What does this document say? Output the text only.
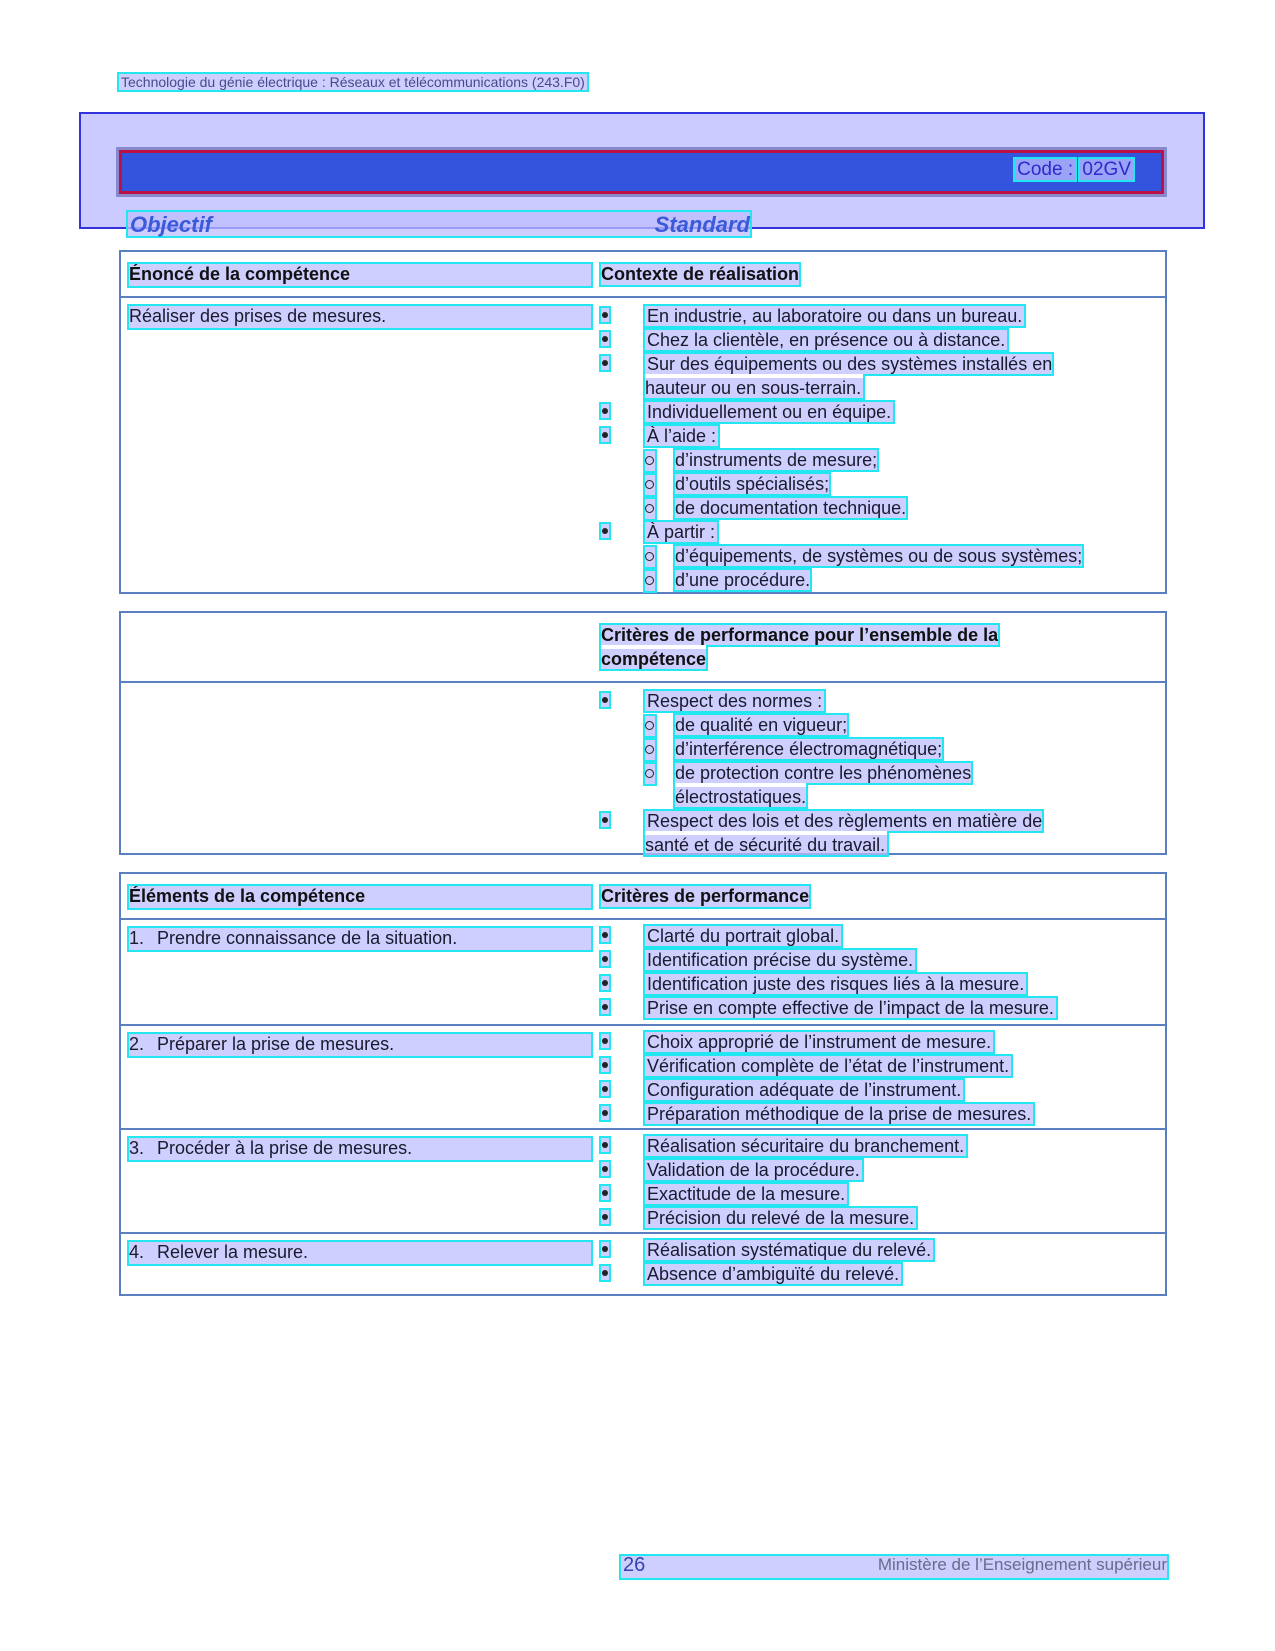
Technologie du génie électrique : Réseaux et télécommunications (243.F0)
Code : 02GV
Objectif	Standard
Énoncé de la compétence	Contexte de réalisation
Réaliser des prises de mesures.	En industrie, au laboratoire ou dans un bureau.
Chez la clientèle, en présence ou à distance.
Sur des équipements ou des systèmes installés en hauteur ou en sous-terrain.
Individuellement ou en équipe.
À l’aide :
d’instruments de mesure;
d’outils spécialisés;
de documentation technique.
À partir :
d’équipements, de systèmes ou de sous systèmes;
d’une procédure.
Critères de performance pour l’ensemble de la compétence
Respect des normes :
de qualité en vigueur;
d’interférence électromagnétique;
de protection contre les phénomènes électrostatiques.
Respect des lois et des règlements en matière de santé et de sécurité du travail.
Éléments de la compétence	Critères de performance
1. Prendre connaissance de la situation.	Clarté du portrait global.
Identification précise du système.
Identification juste des risques liés à la mesure.
Prise en compte effective de l’impact de la mesure.
2. Préparer la prise de mesures.	Choix approprié de l’instrument de mesure.
Vérification complète de l’état de l’instrument.
Configuration adéquate de l’instrument.
Préparation méthodique de la prise de mesures.
3. Procéder à la prise de mesures.	Réalisation sécuritaire du branchement.
Validation de la procédure.
Exactitude de la mesure.
Précision du relevé de la mesure.
4. Relever la mesure.	Réalisation systématique du relevé.
Absence d’ambiguïté du relevé.
26	Ministère de l’Enseignement supérieur
